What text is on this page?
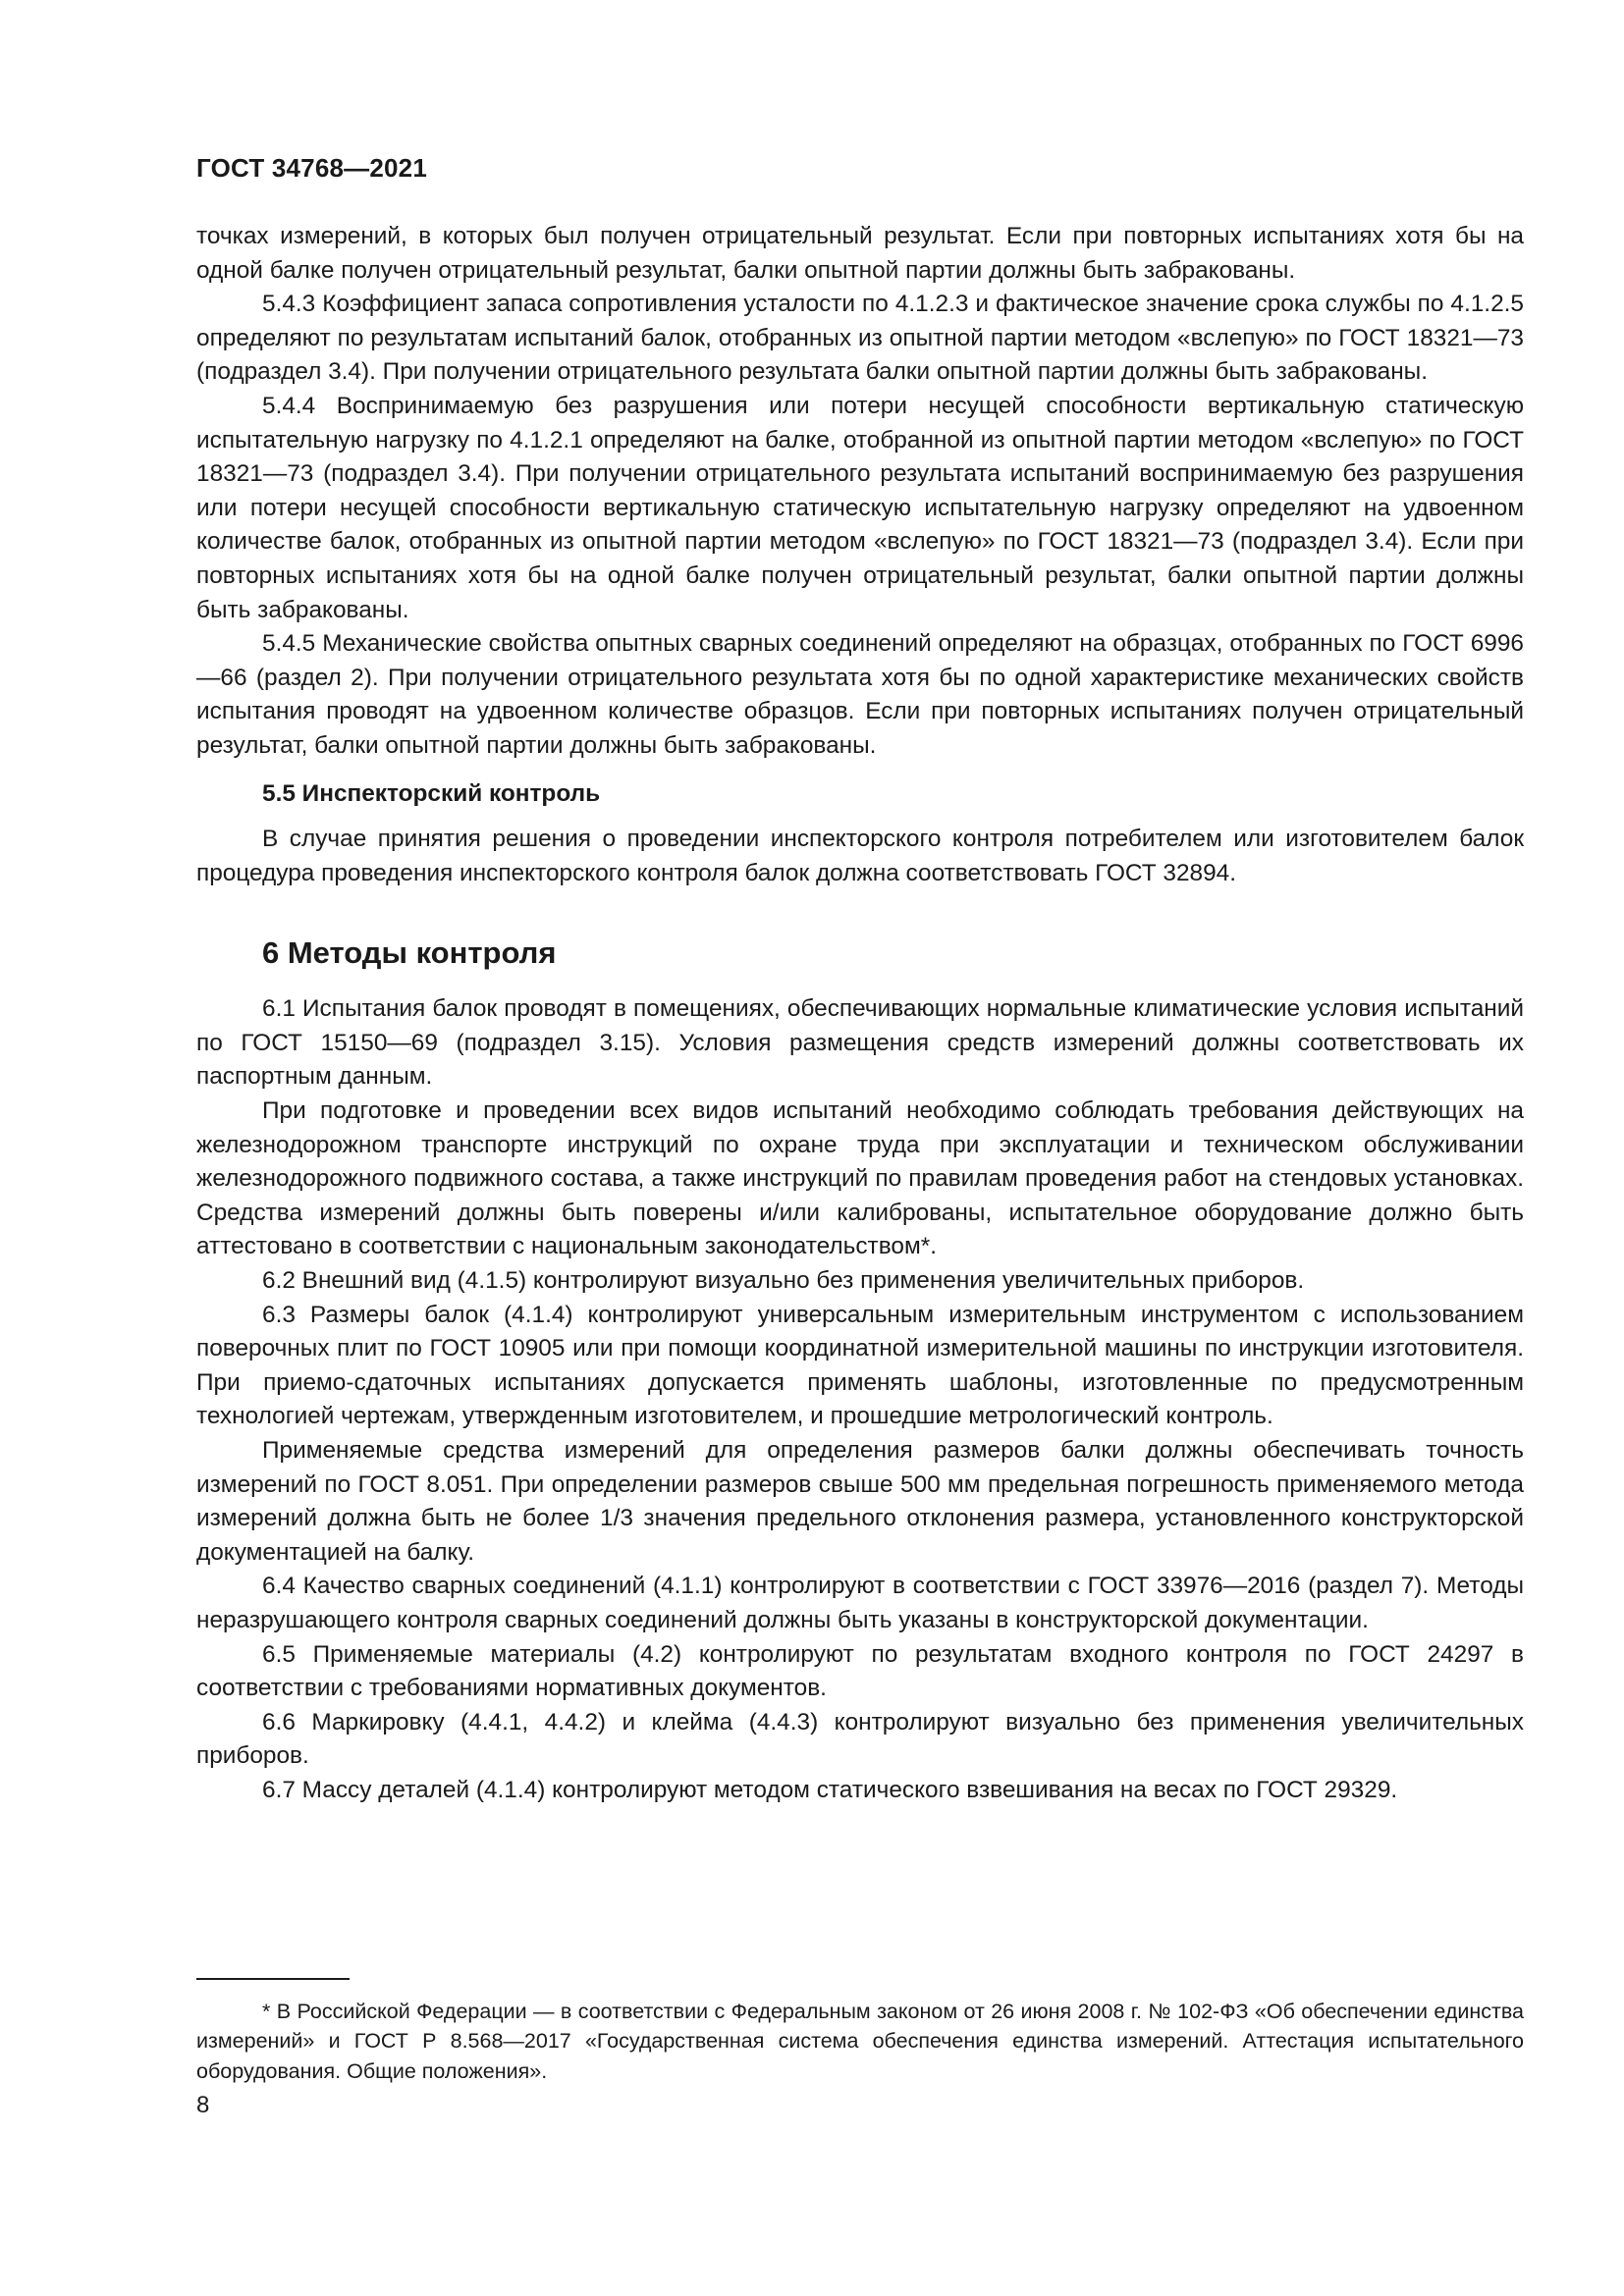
ГОСТ 34768—2021

точках измерений, в которых был получен отрицательный результат. Если при повторных испытаниях хотя бы на одной балке получен отрицательный результат, балки опытной партии должны быть забракованы.

5.4.3 Коэффициент запаса сопротивления усталости по 4.1.2.3 и фактическое значение срока службы по 4.1.2.5 определяют по результатам испытаний балок, отобранных из опытной партии методом «вслепую» по ГОСТ 18321—73 (подраздел 3.4). При получении отрицательного результата балки опытной партии должны быть забракованы.

5.4.4 Воспринимаемую без разрушения или потери несущей способности вертикальную статическую испытательную нагрузку по 4.1.2.1 определяют на балке, отобранной из опытной партии методом «вслепую» по ГОСТ 18321—73 (подраздел 3.4). При получении отрицательного результата испытаний воспринимаемую без разрушения или потери несущей способности вертикальную статическую испытательную нагрузку определяют на удвоенном количестве балок, отобранных из опытной партии методом «вслепую» по ГОСТ 18321—73 (подраздел 3.4). Если при повторных испытаниях хотя бы на одной балке получен отрицательный результат, балки опытной партии должны быть забракованы.

5.4.5 Механические свойства опытных сварных соединений определяют на образцах, отобранных по ГОСТ 6996—66 (раздел 2). При получении отрицательного результата хотя бы по одной характеристике механических свойств испытания проводят на удвоенном количестве образцов. Если при повторных испытаниях получен отрицательный результат, балки опытной партии должны быть забракованы.

5.5 Инспекторский контроль

В случае принятия решения о проведении инспекторского контроля потребителем или изготовителем балок процедура проведения инспекторского контроля балок должна соответствовать ГОСТ 32894.

6 Методы контроля

6.1 Испытания балок проводят в помещениях, обеспечивающих нормальные климатические условия испытаний по ГОСТ 15150—69 (подраздел 3.15). Условия размещения средств измерений должны соответствовать их паспортным данным.

При подготовке и проведении всех видов испытаний необходимо соблюдать требования действующих на железнодорожном транспорте инструкций по охране труда при эксплуатации и техническом обслуживании железнодорожного подвижного состава, а также инструкций по правилам проведения работ на стендовых установках. Средства измерений должны быть поверены и/или калиброваны, испытательное оборудование должно быть аттестовано в соответствии с национальным законодательством*.

6.2 Внешний вид (4.1.5) контролируют визуально без применения увеличительных приборов.

6.3 Размеры балок (4.1.4) контролируют универсальным измерительным инструментом с использованием поверочных плит по ГОСТ 10905 или при помощи координатной измерительной машины по инструкции изготовителя. При приемо-сдаточных испытаниях допускается применять шаблоны, изготовленные по предусмотренным технологией чертежам, утвержденным изготовителем, и прошедшие метрологический контроль.

Применяемые средства измерений для определения размеров балки должны обеспечивать точность измерений по ГОСТ 8.051. При определении размеров свыше 500 мм предельная погрешность применяемого метода измерений должна быть не более 1/3 значения предельного отклонения размера, установленного конструкторской документацией на балку.

6.4 Качество сварных соединений (4.1.1) контролируют в соответствии с ГОСТ 33976—2016 (раздел 7). Методы неразрушающего контроля сварных соединений должны быть указаны в конструкторской документации.

6.5 Применяемые материалы (4.2) контролируют по результатам входного контроля по ГОСТ 24297 в соответствии с требованиями нормативных документов.

6.6 Маркировку (4.4.1, 4.4.2) и клейма (4.4.3) контролируют визуально без применения увеличительных приборов.

6.7 Массу деталей (4.1.4) контролируют методом статического взвешивания на весах по ГОСТ 29329.

* В Российской Федерации — в соответствии с Федеральным законом от 26 июня 2008 г. № 102-ФЗ «Об обеспечении единства измерений» и ГОСТ Р 8.568—2017 «Государственная система обеспечения единства измерений. Аттестация испытательного оборудования. Общие положения».

8
